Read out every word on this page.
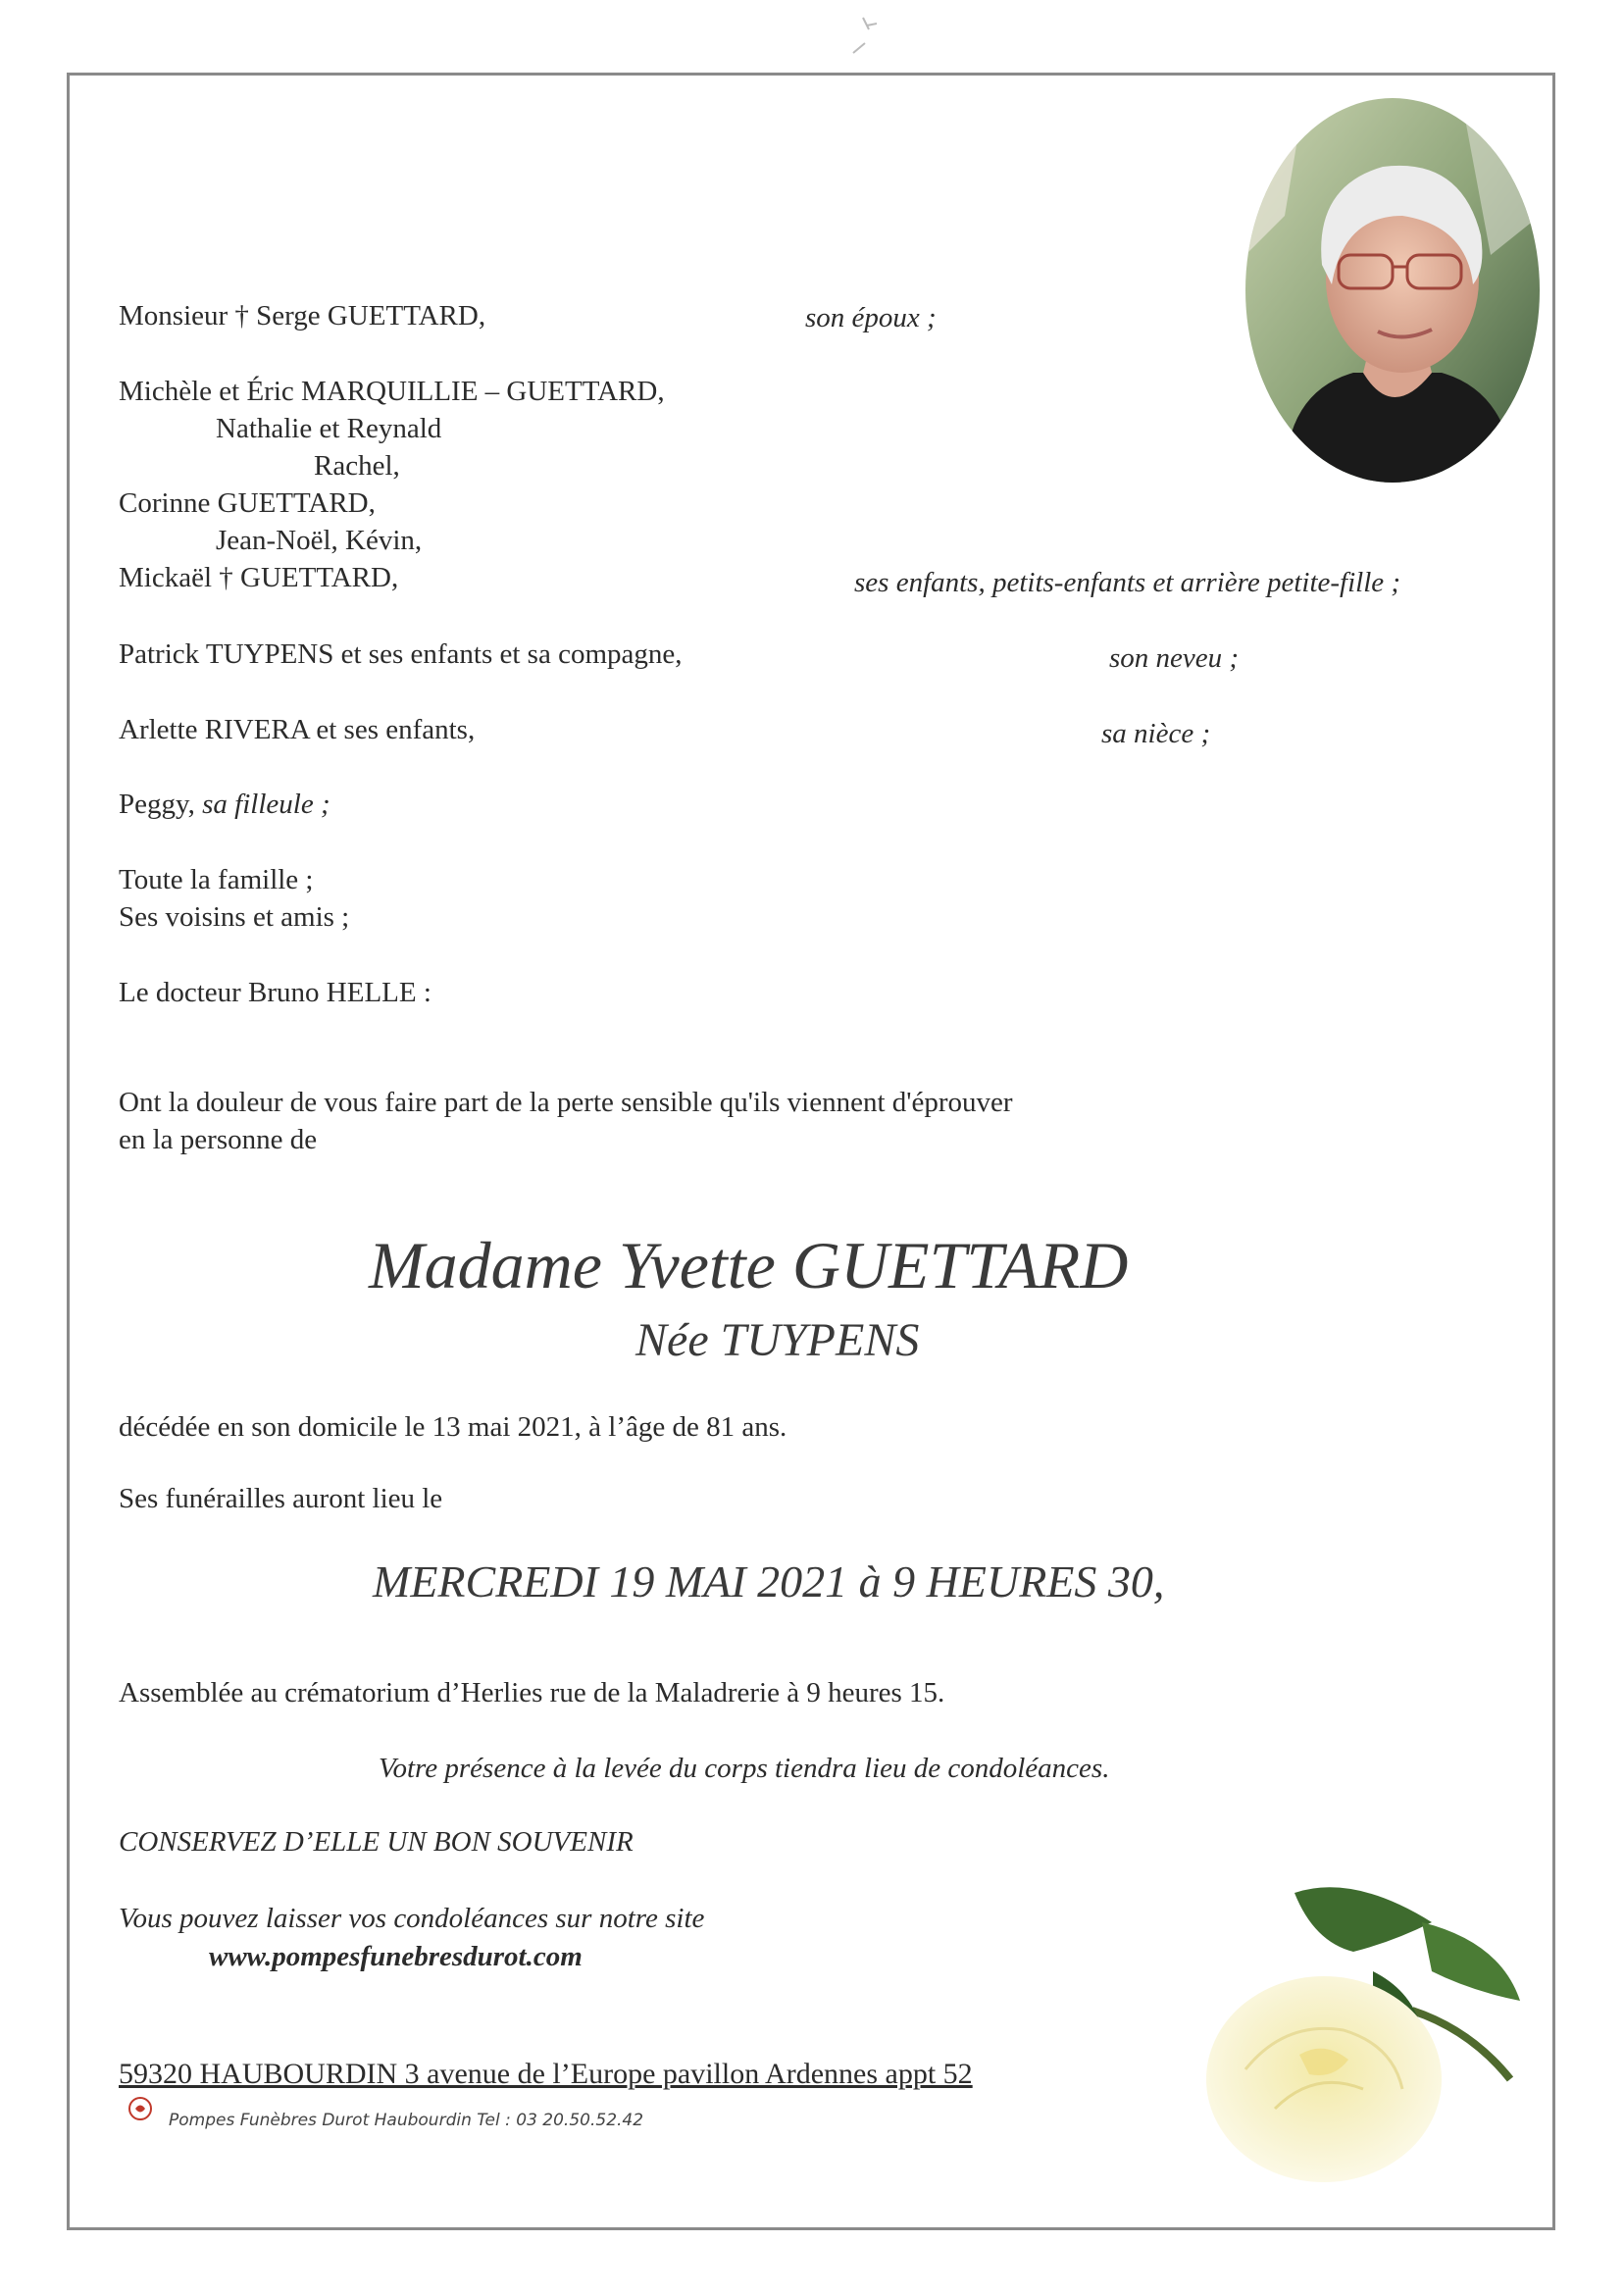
Monsieur † Serge GUETTARD,	son époux ;
Michèle et Éric MARQUILLIE – GUETTARD,
Nathalie et Reynald
Rachel,
Corinne GUETTARD,
Jean-Noël, Kévin,
Mickaël † GUETTARD,	ses enfants, petits-enfants et arrière petite-fille ;
Patrick TUYPENS et ses enfants et sa compagne,	son neveu ;
Arlette RIVERA et ses enfants,	sa nièce ;
Peggy, sa filleule ;
Toute la famille ;
Ses voisins et amis ;
Le docteur Bruno HELLE :
Ont la douleur de vous faire part de la perte sensible qu'ils viennent d'éprouver
en la personne de
Madame Yvette GUETTARD
Née TUYPENS
décédée en son domicile le 13 mai 2021, à l’âge de 81 ans.
Ses funérailles auront lieu le
MERCREDI 19 MAI 2021 à 9 HEURES 30,
Assemblée au crématorium d’Herlies rue de la Maladrerie à 9 heures 15.
Votre présence à la levée du corps tiendra lieu de condoléances.
CONSERVEZ D’ELLE UN BON SOUVENIR
Vous pouvez laisser vos condoléances sur notre site
www.pompesfunebresdurot.com
59320 HAUBOURDIN 3 avenue de l’Europe pavillon Ardennes appt 52
Pompes Funèbres Durot Haubourdin Tel : 03 20.50.52.42
